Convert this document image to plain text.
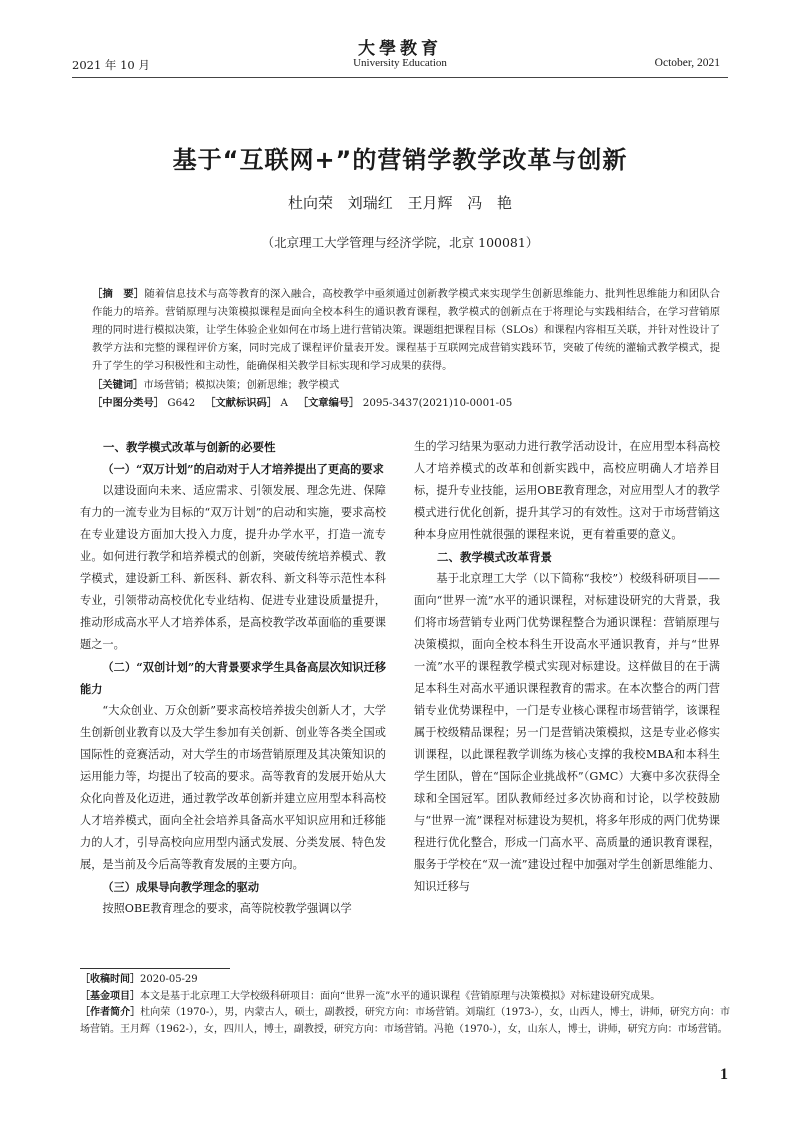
大學教育
2021 年 10 月	University Education	October, 2021
基于“互联网+”的营销学教学改革与创新
杜向荣 刘瑞红 王月辉 冯 艳
（北京理工大学管理与经济学院，北京 100081）
［摘　要］随着信息技术与高等教育的深入融合，高校教学中亟须通过创新教学模式来实现学生创新思维能力、批判性思维能力和团队合作能力的培养。营销原理与决策模拟课程是面向全校本科生的通识教育课程，教学模式的创新点在于将理论与实践相结合，在学习营销原理的同时进行模拟决策，让学生体验企业如何在市场上进行营销决策。课题组把课程目标（SLOs）和课程内容相互关联，并针对性设计了教学方法和完整的课程评价方案，同时完成了课程评价量表开发。课程基于互联网完成营销实践环节，突破了传统的灌输式教学模式，提升了学生的学习积极性和主动性，能确保相关教学目标实现和学习成果的获得。
［关键词］市场营销；模拟决策；创新思维；教学模式
［中图分类号］ G642 ［文献标识码］ A ［文章编号］ 2095-3437(2021)10-0001-05
一、教学模式改革与创新的必要性
（一）“双万计划”的启动对于人才培养提出了更高的要求

以建设面向未来、适应需求、引领发展、理念先进、保障有力的一流专业为目标的“双万计划”的启动和实施，要求高校在专业建设方面加大投入力度，提升办学水平，打造一流专业。如何进行教学和培养模式的创新，突破传统培养模式、教学模式，建设新工科、新医科、新农科、新文科等示范性本科专业，引领带动高校优化专业结构、促进专业建设质量提升，推动形成高水平人才培养体系，是高校教学改革面临的重要课题之一。

（二）“双创计划”的大背景要求学生具备高层次知识迁移能力

“大众创业、万众创新”要求高校培养拔尖创新人才，大学生创新创业教育以及大学生参加有关创新、创业等各类全国或国际性的竞赛活动，对大学生的市场营销原理及其决策知识的运用能力等，均提出了较高的要求。高等教育的发展开始从大众化向普及化迈进，通过教学改革创新并建立应用型本科高校人才培养模式，面向全社会培养具备高水平知识应用和迁移能力的人才，引导高校向应用型内涵式发展、分类发展、特色发展，是当前及今后高等教育发展的主要方向。

（三）成果导向教学理念的驱动

按照OBE教育理念的要求，高等院校教学强调以学

生的学习结果为驱动力进行教学活动设计，在应用型本科高校人才培养模式的改革和创新实践中，高校应明确人才培养目标，提升专业技能，运用OBE教育理念，对应用型人才的教学模式进行优化创新，提升其学习的有效性。这对于市场营销这种本身应用性就很强的课程来说，更有着重要的意义。

二、教学模式改革背景

基于北京理工大学（以下简称“我校”）校级科研项目——面向“世界一流”水平的通识课程，对标建设研究的大背景，我们将市场营销专业两门优势课程整合为通识课程：营销原理与决策模拟，面向全校本科生开设高水平通识教育，并与“世界一流”水平的课程教学模式实现对标建设。这样做目的在于满足本科生对高水平通识课程教育的需求。在本次整合的两门营销专业优势课程中，一门是专业核心课程市场营销学，该课程属于校级精品课程；另一门是营销决策模拟，这是专业必修实训课程，以此课程教学训练为核心支撑的我校MBA和本科生学生团队，曾在“国际企业挑战杯”（GMC）大赛中多次获得全球和全国冠军。团队教师经过多次协商和讨论，以学校鼓励与“世界一流”课程对标建设为契机，将多年形成的两门优势课程进行优化整合，形成一门高水平、高质量的通识教育课程，服务于学校在“双一流”建设过程中加强对学生创新思维能力、知识迁移与

［收稿时间］2020-05-29
［基金项目］本文是基于北京理工大学校级科研项目：面向“世界一流”水平的通识课程《营销原理与决策模拟》对标建设研究成果。
［作者简介］杜向荣（1970-），男，内蒙古人，硕士，副教授，研究方向：市场营销。刘瑞红（1973-），女，山西人，博士，讲师，研究方向：市场营销。王月辉（1962-），女，四川人，博士，副教授，研究方向：市场营销。冯艳（1970-），女，山东人，博士，讲师，研究方向：市场营销。
1
